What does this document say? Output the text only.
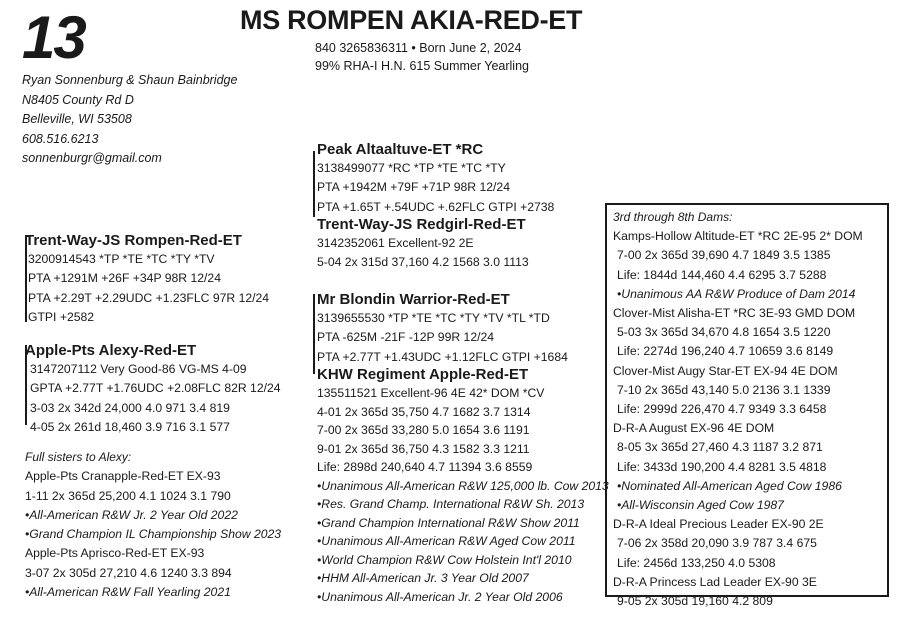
13	MS ROMPEN AKIA-RED-ET
840 3265836311 • Born June 2, 2024
99% RHA-I H.N. 615 Summer Yearling
Ryan Sonnenburg & Shaun Bainbridge
N8405 County Rd D
Belleville, WI 53508
608.516.6213
sonnenburgr@gmail.com	Peak Altaaltuve-ET *RC
3138499077 *RC *TP *TE *TC *TY
PTA +1942M +79F +71P 98R 12/24
PTA +1.65T +.54UDC +.62FLC GTPI +2738
Trent-Way-JS Redgirl-Red-ET
3142352061 Excellent-92 2E
5-04 2x 315d 37,160 4.2 1568 3.0 1113
Trent-Way-JS Rompen-Red-ET
3200914543 *TP *TE *TC *TY *TV
PTA +1291M +26F +34P 98R 12/24
PTA +2.29T +2.29UDC +1.23FLC 97R 12/24
GTPI +2582
Mr Blondin Warrior-Red-ET
3139655530 *TP *TE *TC *TY *TV *TL *TD
PTA -625M -21F -12P 99R 12/24
PTA +2.77T +1.43UDC +1.12FLC GTPI +1684
Apple-Pts Alexy-Red-ET
3147207112 Very Good-86 VG-MS 4-09
GPTA +2.77T +1.76UDC +2.08FLC 82R 12/24
3-03 2x 342d 24,000 4.0 971 3.4 819
4-05 2x 261d 18,460 3.9 716 3.1 577
KHW Regiment Apple-Red-ET
135511521 Excellent-96 4E 42* DOM *CV
4-01 2x 365d 35,750 4.7 1682 3.7 1314
7-00 2x 365d 33,280 5.0 1654 3.6 1191
9-01 2x 365d 36,750 4.3 1582 3.3 1211
Life: 2898d 240,640 4.7 11394 3.6 8559
•Unanimous All-American R&W 125,000 lb. Cow 2013
•Res. Grand Champ. International R&W Sh. 2013
•Grand Champion International R&W Show 2011
•Unanimous All-American R&W Aged Cow 2011
•World Champion R&W Cow Holstein Int'l 2010
•HHM All-American Jr. 3 Year Old 2007
•Unanimous All-American Jr. 2 Year Old 2006
Full sisters to Alexy:
Apple-Pts Cranapple-Red-ET EX-93
1-11 2x 365d 25,200 4.1 1024 3.1 790
•All-American R&W Jr. 2 Year Old 2022
•Grand Champion IL Championship Show 2023
Apple-Pts Aprisco-Red-ET EX-93
3-07 2x 305d 27,210 4.6 1240 3.3 894
•All-American R&W Fall Yearling 2021
3rd through 8th Dams:
Kamps-Hollow Altitude-ET *RC 2E-95 2* DOM
7-00 2x 365d 39,690 4.7 1849 3.5 1385
Life: 1844d 144,460 4.4 6295 3.7 5288
•Unanimous AA R&W Produce of Dam 2014
Clover-Mist Alisha-ET *RC 3E-93 GMD DOM
5-03 3x 365d 34,670 4.8 1654 3.5 1220
Life: 2274d 196,240 4.7 10659 3.6 8149
Clover-Mist Augy Star-ET EX-94 4E DOM
7-10 2x 365d 43,140 5.0 2136 3.1 1339
Life: 2999d 226,470 4.7 9349 3.3 6458
D-R-A August EX-96 4E DOM
8-05 3x 365d 27,460 4.3 1187 3.2 871
Life: 3433d 190,200 4.4 8281 3.5 4818
•Nominated All-American Aged Cow 1986
•All-Wisconsin Aged Cow 1987
D-R-A Ideal Precious Leader EX-90 2E
7-06 2x 358d 20,090 3.9 787 3.4 675
Life: 2456d 133,250 4.0 5308
D-R-A Princess Lad Leader EX-90 3E
9-05 2x 305d 19,160 4.2 809
